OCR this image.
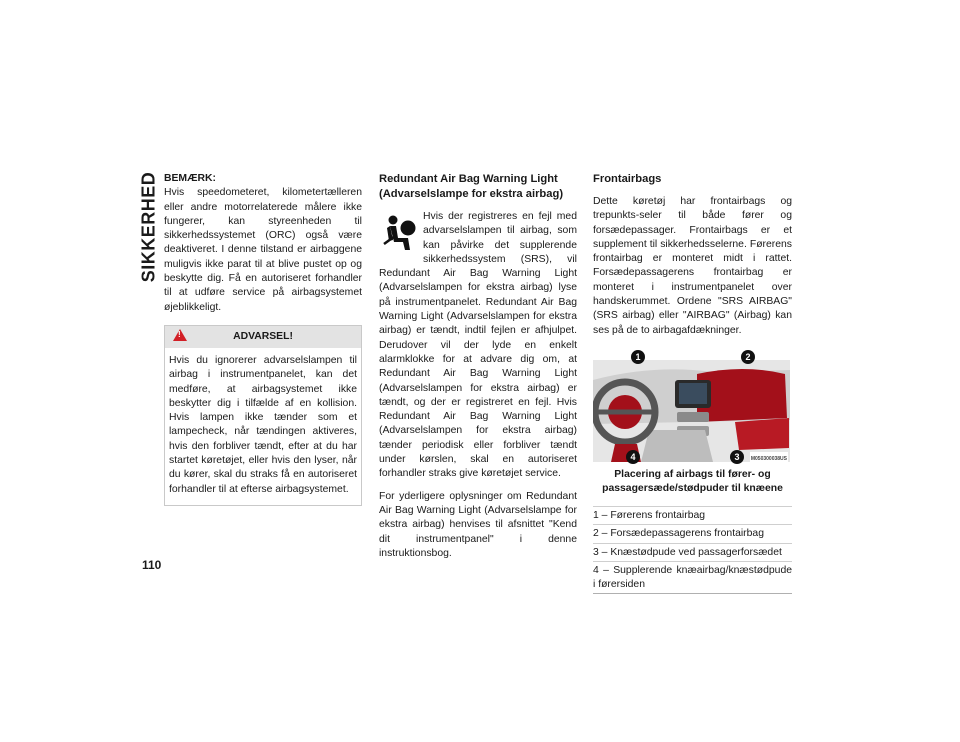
SIKKERHED
110
BEMÆRK:

Hvis speedometeret, kilometertælleren eller andre motorrelaterede målere ikke fungerer, kan styreenheden til sikkerhedssystemet (ORC) også være deaktiveret. I denne tilstand er airbaggene muligvis ikke parat til at blive pustet op og beskytte dig. Få en autoriseret forhandler til at udføre service på airbagsystemet øjeblikkeligt.

!
ADVARSEL!

Hvis du ignorerer advarselslampen til airbag i instrumentpanelet, kan det medføre, at airbagsystemet ikke beskytter dig i tilfælde af en kollision. Hvis lampen ikke tænder som et lampecheck, når tændingen aktiveres, hvis den forbliver tændt, efter at du har startet køretøjet, eller hvis den lyser, når du kører, skal du straks få en autoriseret forhandler til at efterse airbagsystemet.

Redundant Air Bag Warning Light
(Advarselslampe for ekstra airbag)

Hvis der registreres en fejl med advarselslampen til airbag, som kan påvirke det supplerende sikkerhedssystem (SRS), vil Redundant Air Bag Warning Light (Advarselslampen for ekstra airbag) lyse på instrumentpanelet. Redundant Air Bag Warning Light (Advarselslampen for ekstra airbag) er tændt, indtil fejlen er afhjulpet. Derudover vil der lyde en enkelt alarmklokke for at advare dig om, at Redundant Air Bag Warning Light (Advarselslampen for ekstra airbag) er tændt, og der er registreret en fejl. Hvis Redundant Air Bag Warning Light (Advarselslampen for ekstra airbag) tænder periodisk eller forbliver tændt under kørslen, skal en autoriseret forhandler straks give køretøjet service.

For yderligere oplysninger om Redundant Air Bag Warning Light (Advarselslampe for ekstra airbag) henvises til afsnittet "Kend dit instrumentpanel" i denne instruktionsbog.

Frontairbags

Dette køretøj har frontairbags og trepunkts-seler til både fører og forsædepassager. Frontairbags er et supplement til sikkerhedsselerne. Førerens frontairbag er monteret midt i rattet. Forsædepassagerens frontairbag er monteret i instrumentpanelet over handskerummet. Ordene "SRS AIRBAG" (SRS airbag) eller "AIRBAG" (Airbag) kan ses på de to airbagafdækninger.

1	2
3
4	M050300038US
Placering af airbags til fører- og passagersæde/stødpuder til knæene
1 – Førerens frontairbag
2 – Forsædepassagerens frontairbag
3 – Knæstødpude ved passagerforsædet
4 – Supplerende knæairbag/knæstødpude i førersiden
